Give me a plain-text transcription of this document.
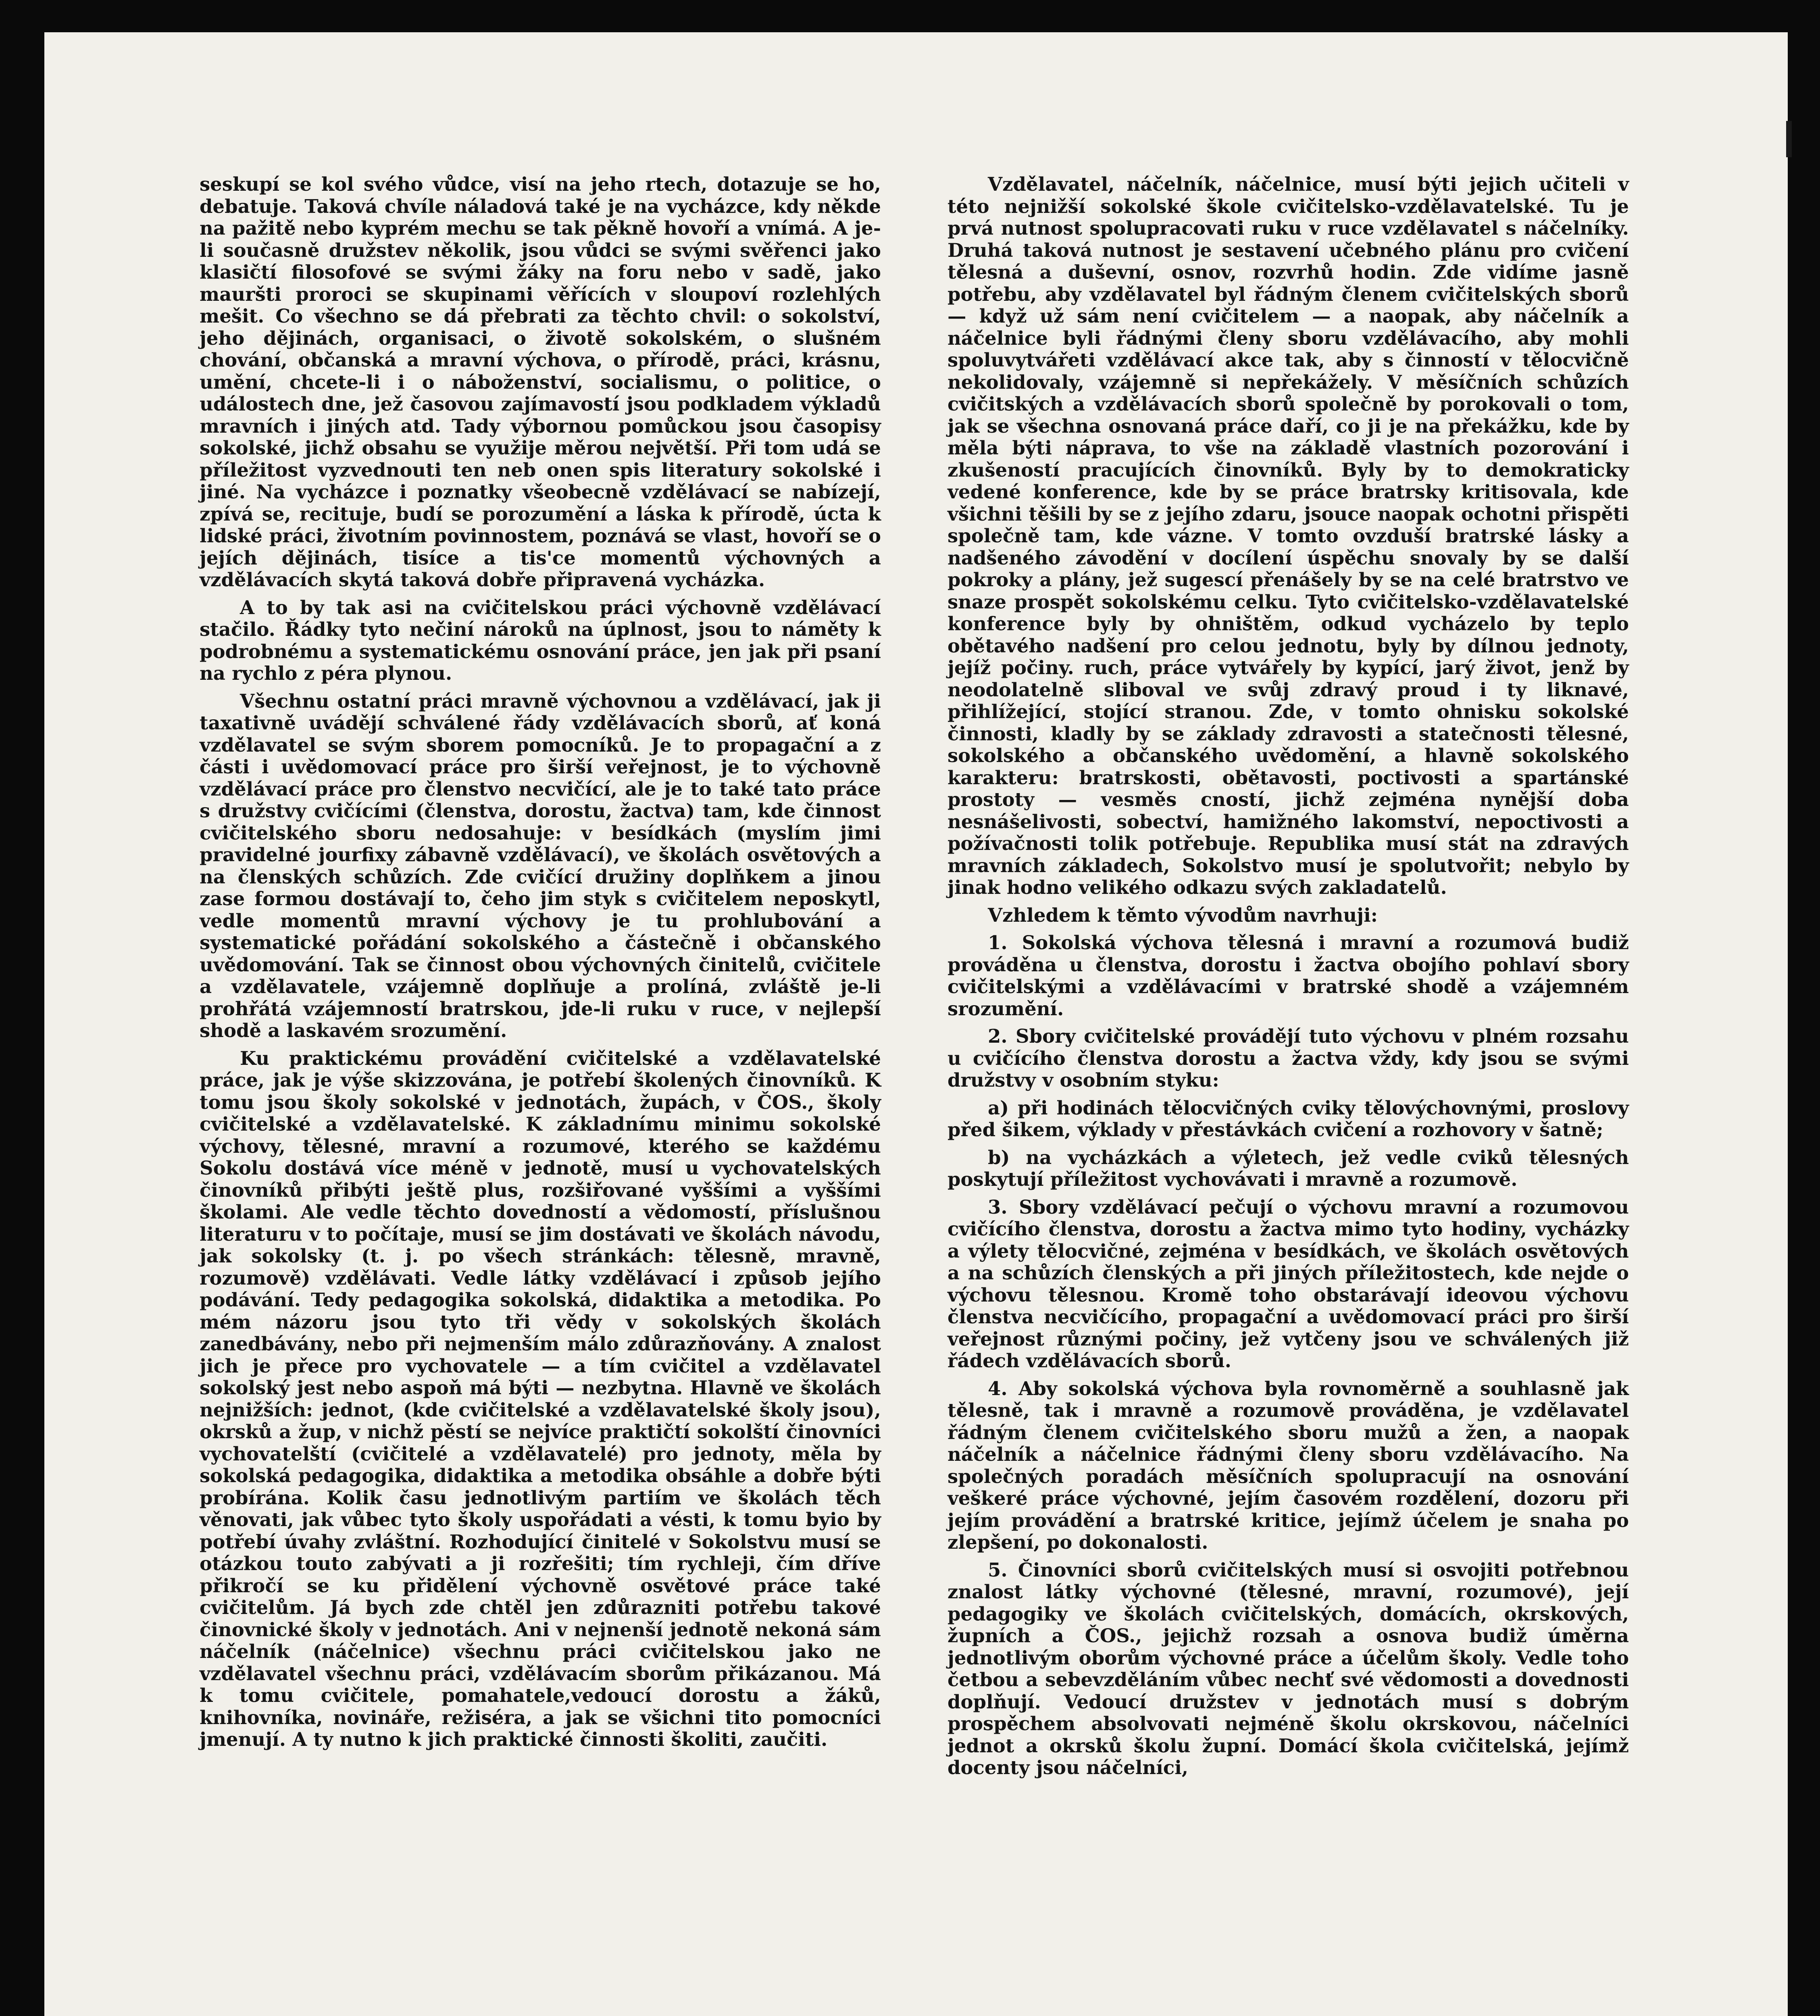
seskupí se kol svého vůdce, visí na jeho rtech, dotazuje se ho, debatuje. Taková chvíle náladová také je na vycházce, kdy někde na pažitě nebo kyprém mechu se tak pěkně hovoří a vnímá. A je-li současně družstev několik, jsou vůdci se svými svěřenci jako klasičtí filosofové se svými žáky na foru nebo v sadě, jako mauršti proroci se skupinami věřících v sloupoví rozlehlých mešit. Co všechno se dá přebrati za těchto chvil: o sokolství, jeho dějinách, organisaci, o životě sokolském, o slušném chování, občanská a mravní výchova, o přírodě, práci, krásnu, umění, chcete-li i o náboženství, socialismu, o politice, o událostech dne, jež časovou zajímavostí jsou podkladem výkladů mravních i jiných atd. Tady výbornou pomůckou jsou časopisy sokolské, jichž obsahu se využije měrou největší. Při tom udá se příležitost vyzvednouti ten neb onen spis literatury sokolské i jiné. Na vycházce i poznatky všeobecně vzdělávací se nabízejí, zpívá se, recituje, budí se porozumění a láska k přírodě, úcta k lidské práci, životním povinnostem, poznává se vlast, hovoří se o jejích dějinách, tisíce a tis'ce momentů výchovných a vzdělávacích skytá taková dobře připravená vycházka.

A to by tak asi na cvičitelskou práci výchovně vzdělávací stačilo. Řádky tyto nečiní nároků na úplnost, jsou to náměty k podrobnému a systematickému osnování práce, jen jak při psaní na rychlo z péra plynou.

Všechnu ostatní práci mravně výchovnou a vzdělávací, jak ji taxativně uvádějí schválené řády vzdělávacích sborů, ať koná vzdělavatel se svým sborem pomocníků. Je to propagační a z části i uvědomovací práce pro širší veřejnost, je to výchovně vzdělávací práce pro členstvo necvičící, ale je to také tato práce s družstvy cvičícími (členstva, dorostu, žactva) tam, kde činnost cvičitelského sboru nedosahuje: v besídkách (myslím jimi pravidelné jourfixy zábavně vzdělávací), ve školách osvětových a na členských schůzích. Zde cvičící družiny doplňkem a jinou zase formou dostávají to, čeho jim styk s cvičitelem neposkytl, vedle momentů mravní výchovy je tu prohlubování a systematické pořádání sokolského a částečně i občanského uvědomování. Tak se činnost obou výchovných činitelů, cvičitele a vzdělavatele, vzájemně doplňuje a prolíná, zvláště je-li prohřátá vzájemností bratrskou, jde-li ruku v ruce, v nejlepší shodě a laskavém srozumění.

Ku praktickému provádění cvičitelské a vzdělavatelské práce, jak je výše skizzována, je potřebí školených činovníků. K tomu jsou školy sokolské v jednotách, župách, v ČOS., školy cvičitelské a vzdělavatelské. K základnímu minimu sokolské výchovy, tělesné, mravní a rozumové, kterého se každému Sokolu dostává více méně v jednotě, musí u vychovatelských činovníků přibýti ještě plus, rozšiřované vyššími a vyššími školami. Ale vedle těchto dovedností a vědomostí, příslušnou literaturu v to počítaje, musí se jim dostávati ve školách návodu, jak sokolsky (t. j. po všech stránkách: tělesně, mravně, rozumově) vzdělávati. Vedle látky vzdělávací i způsob jejího podávání. Tedy pedagogika sokolská, didaktika a metodika. Po mém názoru jsou tyto tři vědy v sokolských školách zanedbávány, nebo při nejmenším málo zdůrazňovány. A znalost jich je přece pro vychovatele — a tím cvičitel a vzdělavatel sokolský jest nebo aspoň má býti — nezbytna. Hlavně ve školách nejnižších: jednot, (kde cvičitelské a vzdělavatelské školy jsou), okrsků a žup, v nichž pěstí se nejvíce praktičtí sokolští činovníci vychovatelští (cvičitelé a vzdělavatelé) pro jednoty, měla by sokolská pedagogika, didaktika a metodika obsáhle a dobře býti probírána. Kolik času jednotlivým partiím ve školách těch věnovati, jak vůbec tyto školy uspořádati a vésti, k tomu byio by potřebí úvahy zvláštní. Rozhodující činitelé v Sokolstvu musí se otázkou touto zabývati a ji rozřešiti; tím rychleji, čím dříve přikročí se ku přidělení výchovně osvětové práce také cvičitelům. Já bych zde chtěl jen zdůrazniti potřebu takové činovnické školy v jednotách. Ani v nejnenší jednotě nekoná sám náčelník (náčelnice) všechnu práci cvičitelskou jako ne vzdělavatel všechnu práci, vzdělávacím sborům přikázanou. Má k tomu cvičitele, pomahatele,vedoucí dorostu a žáků, knihovníka, novináře, režiséra, a jak se všichni tito pomocníci jmenují. A ty nutno k jich praktické činnosti školiti, zaučiti.

Vzdělavatel, náčelník, náčelnice, musí býti jejich učiteli v této nejnižší sokolské škole cvičitelsko-vzdělavatelské. Tu je prvá nutnost spolupracovati ruku v ruce vzdělavatel s náčelníky. Druhá taková nutnost je sestavení učebného plánu pro cvičení tělesná a duševní, osnov, rozvrhů hodin. Zde vidíme jasně potřebu, aby vzdělavatel byl řádným členem cvičitelských sborů — když už sám není cvičitelem — a naopak, aby náčelník a náčelnice byli řádnými členy sboru vzdělávacího, aby mohli spoluvytvářeti vzdělávací akce tak, aby s činností v tělocvičně nekolidovaly, vzájemně si nepřekážely. V měsíčních schůzích cvičitských a vzdělávacích sborů společně by porokovali o tom, jak se všechna osnovaná práce daří, co ji je na překážku, kde by měla býti náprava, to vše na základě vlastních pozorování i zkušeností pracujících činovníků. Byly by to demokraticky vedené konference, kde by se práce bratrsky kritisovala, kde všichni těšili by se z jejího zdaru, jsouce naopak ochotni přispěti společně tam, kde vázne. V tomto ovzduší bratrské lásky a nadšeného závodění v docílení úspěchu snovaly by se další pokroky a plány, jež sugescí přenášely by se na celé bratrstvo ve snaze prospět sokolskému celku. Tyto cvičitelsko-vzdělavatelské konference byly by ohništěm, odkud vycházelo by teplo obětavého nadšení pro celou jednotu, byly by dílnou jednoty, jejíž počiny. ruch, práce vytvářely by kypící, jarý život, jenž by neodolatelně sliboval ve svůj zdravý proud i ty liknavé, přihlížející, stojící stranou. Zde, v tomto ohnisku sokolské činnosti, kladly by se základy zdravosti a statečnosti tělesné, sokolského a občanského uvědomění, a hlavně sokolského karakteru: bratrskosti, obětavosti, poctivosti a spartánské prostoty — vesměs cností, jichž zejména nynější doba nesnášelivosti, sobectví, hamižného lakomství, nepoctivosti a požívačnosti tolik potřebuje. Republika musí stát na zdravých mravních základech, Sokolstvo musí je spolutvořit; nebylo by jinak hodno velikého odkazu svých zakladatelů.

Vzhledem k těmto vývodům navrhuji:

1. Sokolská výchova tělesná i mravní a rozumová budiž prováděna u členstva, dorostu i žactva obojího pohlaví sbory cvičitelskými a vzdělávacími v bratrské shodě a vzájemném srozumění.

2. Sbory cvičitelské provádějí tuto výchovu v plném rozsahu u cvičícího členstva dorostu a žactva vždy, kdy jsou se svými družstvy v osobním styku:

a) při hodinách tělocvičných cviky tělovýchovnými, proslovy před šikem, výklady v přestávkách cvičení a rozhovory v šatně;

b) na vycházkách a výletech, jež vedle cviků tělesných poskytují příležitost vychovávati i mravně a rozumově.

3. Sbory vzdělávací pečují o výchovu mravní a rozumovou cvičícího členstva, dorostu a žactva mimo tyto hodiny, vycházky a výlety tělocvičné, zejména v besídkách, ve školách osvětových a na schůzích členských a při jiných příležitostech, kde nejde o výchovu tělesnou. Kromě toho obstarávají ideovou výchovu členstva necvičícího, propagační a uvědomovací práci pro širší veřejnost různými počiny, jež vytčeny jsou ve schválených již řádech vzdělávacích sborů.

4. Aby sokolská výchova byla rovnoměrně a souhlasně jak tělesně, tak i mravně a rozumově prováděna, je vzdělavatel řádným členem cvičitelského sboru mužů a žen, a naopak náčelník a náčelnice řádnými členy sboru vzdělávacího. Na společných poradách měsíčních spolupracují na osnování veškeré práce výchovné, jejím časovém rozdělení, dozoru při jejím provádění a bratrské kritice, jejímž účelem je snaha po zlepšení, po dokonalosti.

5. Činovníci sborů cvičitelských musí si osvojiti potřebnou znalost látky výchovné (tělesné, mravní, rozumové), její pedagogiky ve školách cvičitelských, domácích, okrskových, župních a ČOS., jejichž rozsah a osnova budiž úměrna jednotlivým oborům výchovné práce a účelům školy. Vedle toho četbou a sebevzděláním vůbec nechť své vědomosti a dovednosti doplňují. Vedoucí družstev v jednotách musí s dobrým prospěchem absolvovati nejméně školu okrskovou, náčelníci jednot a okrsků školu župní. Domácí škola cvičitelská, jejímž docenty jsou náčelníci,
